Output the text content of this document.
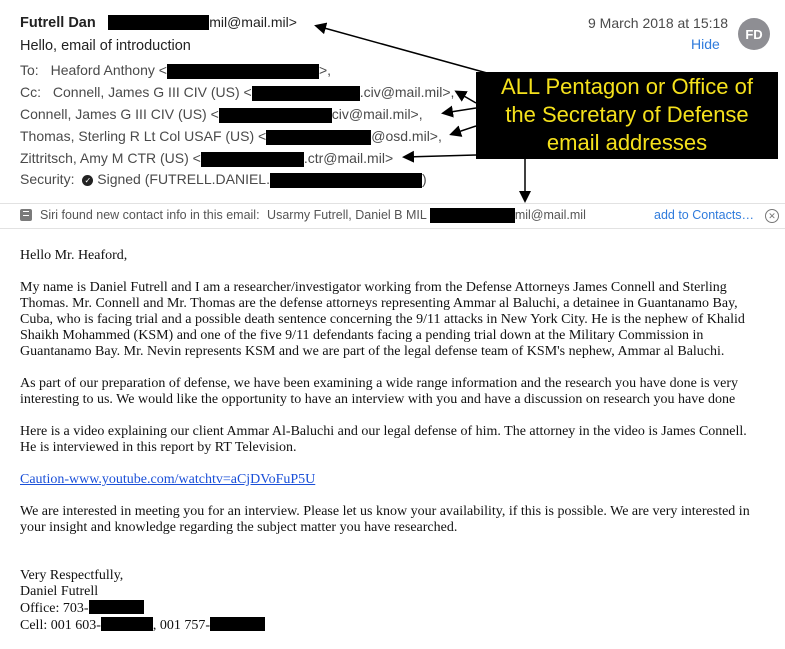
Futrell Dan	mil@mail.mil>	9 March 2018 at 15:18
Hide
FD
Hello, email of introduction
To: Heaford Anthony <	>,
Cc: Connell, James G III CIV (US) <	.civ@mail.mil>,
Connell, James G III CIV (US) <	civ@mail.mil>,
Thomas, Sterling R Lt Col USAF (US) <	@osd.mil>,
Zittritsch, Amy M CTR (US) <	.ctr@mail.mil>
Security: ✓ Signed (FUTRELL.DANIEL.	)
Siri found new contact info in this email: Usarmy Futrell, Daniel B MIL	mil@mail.mil	add to Contacts…	✕
ALL Pentagon or Office of
the Secretary of Defense
email addresses
Hello Mr. Heaford,
My name is Daniel Futrell and I am a researcher/investigator working from the Defense Attorneys James Connell and Sterling
Thomas. Mr. Connell and Mr. Thomas are the defense attorneys representing Ammar al Baluchi, a detainee in Guantanamo Bay,
Cuba, who is facing trial and a possible death sentence concerning the 9/11 attacks in New York City. He is the nephew of Khalid
Shaikh Mohammed (KSM) and one of the five 9/11 defendants facing a pending trial down at the Military Commission in
Guantanamo Bay. Mr. Nevin represents KSM and we are part of the legal defense team of KSM's nephew, Ammar al Baluchi.
As part of our preparation of defense, we have been examining a wide range information and the research you have done is very
interesting to us. We would like the opportunity to have an interview with you and have a discussion on research you have done
Here is a video explaining our client Ammar Al-Baluchi and our legal defense of him. The attorney in the video is James Connell.
He is interviewed in this report by RT Television.
Caution-www.youtube.com/watchtv=aCjDVoFuP5U
We are interested in meeting you for an interview. Please let us know your availability, if this is possible. We are very interested in
your insight and knowledge regarding the subject matter you have researched.
Very Respectfully,
Daniel Futrell
Office: 703-
Cell: 001 603-	, 001 757-
